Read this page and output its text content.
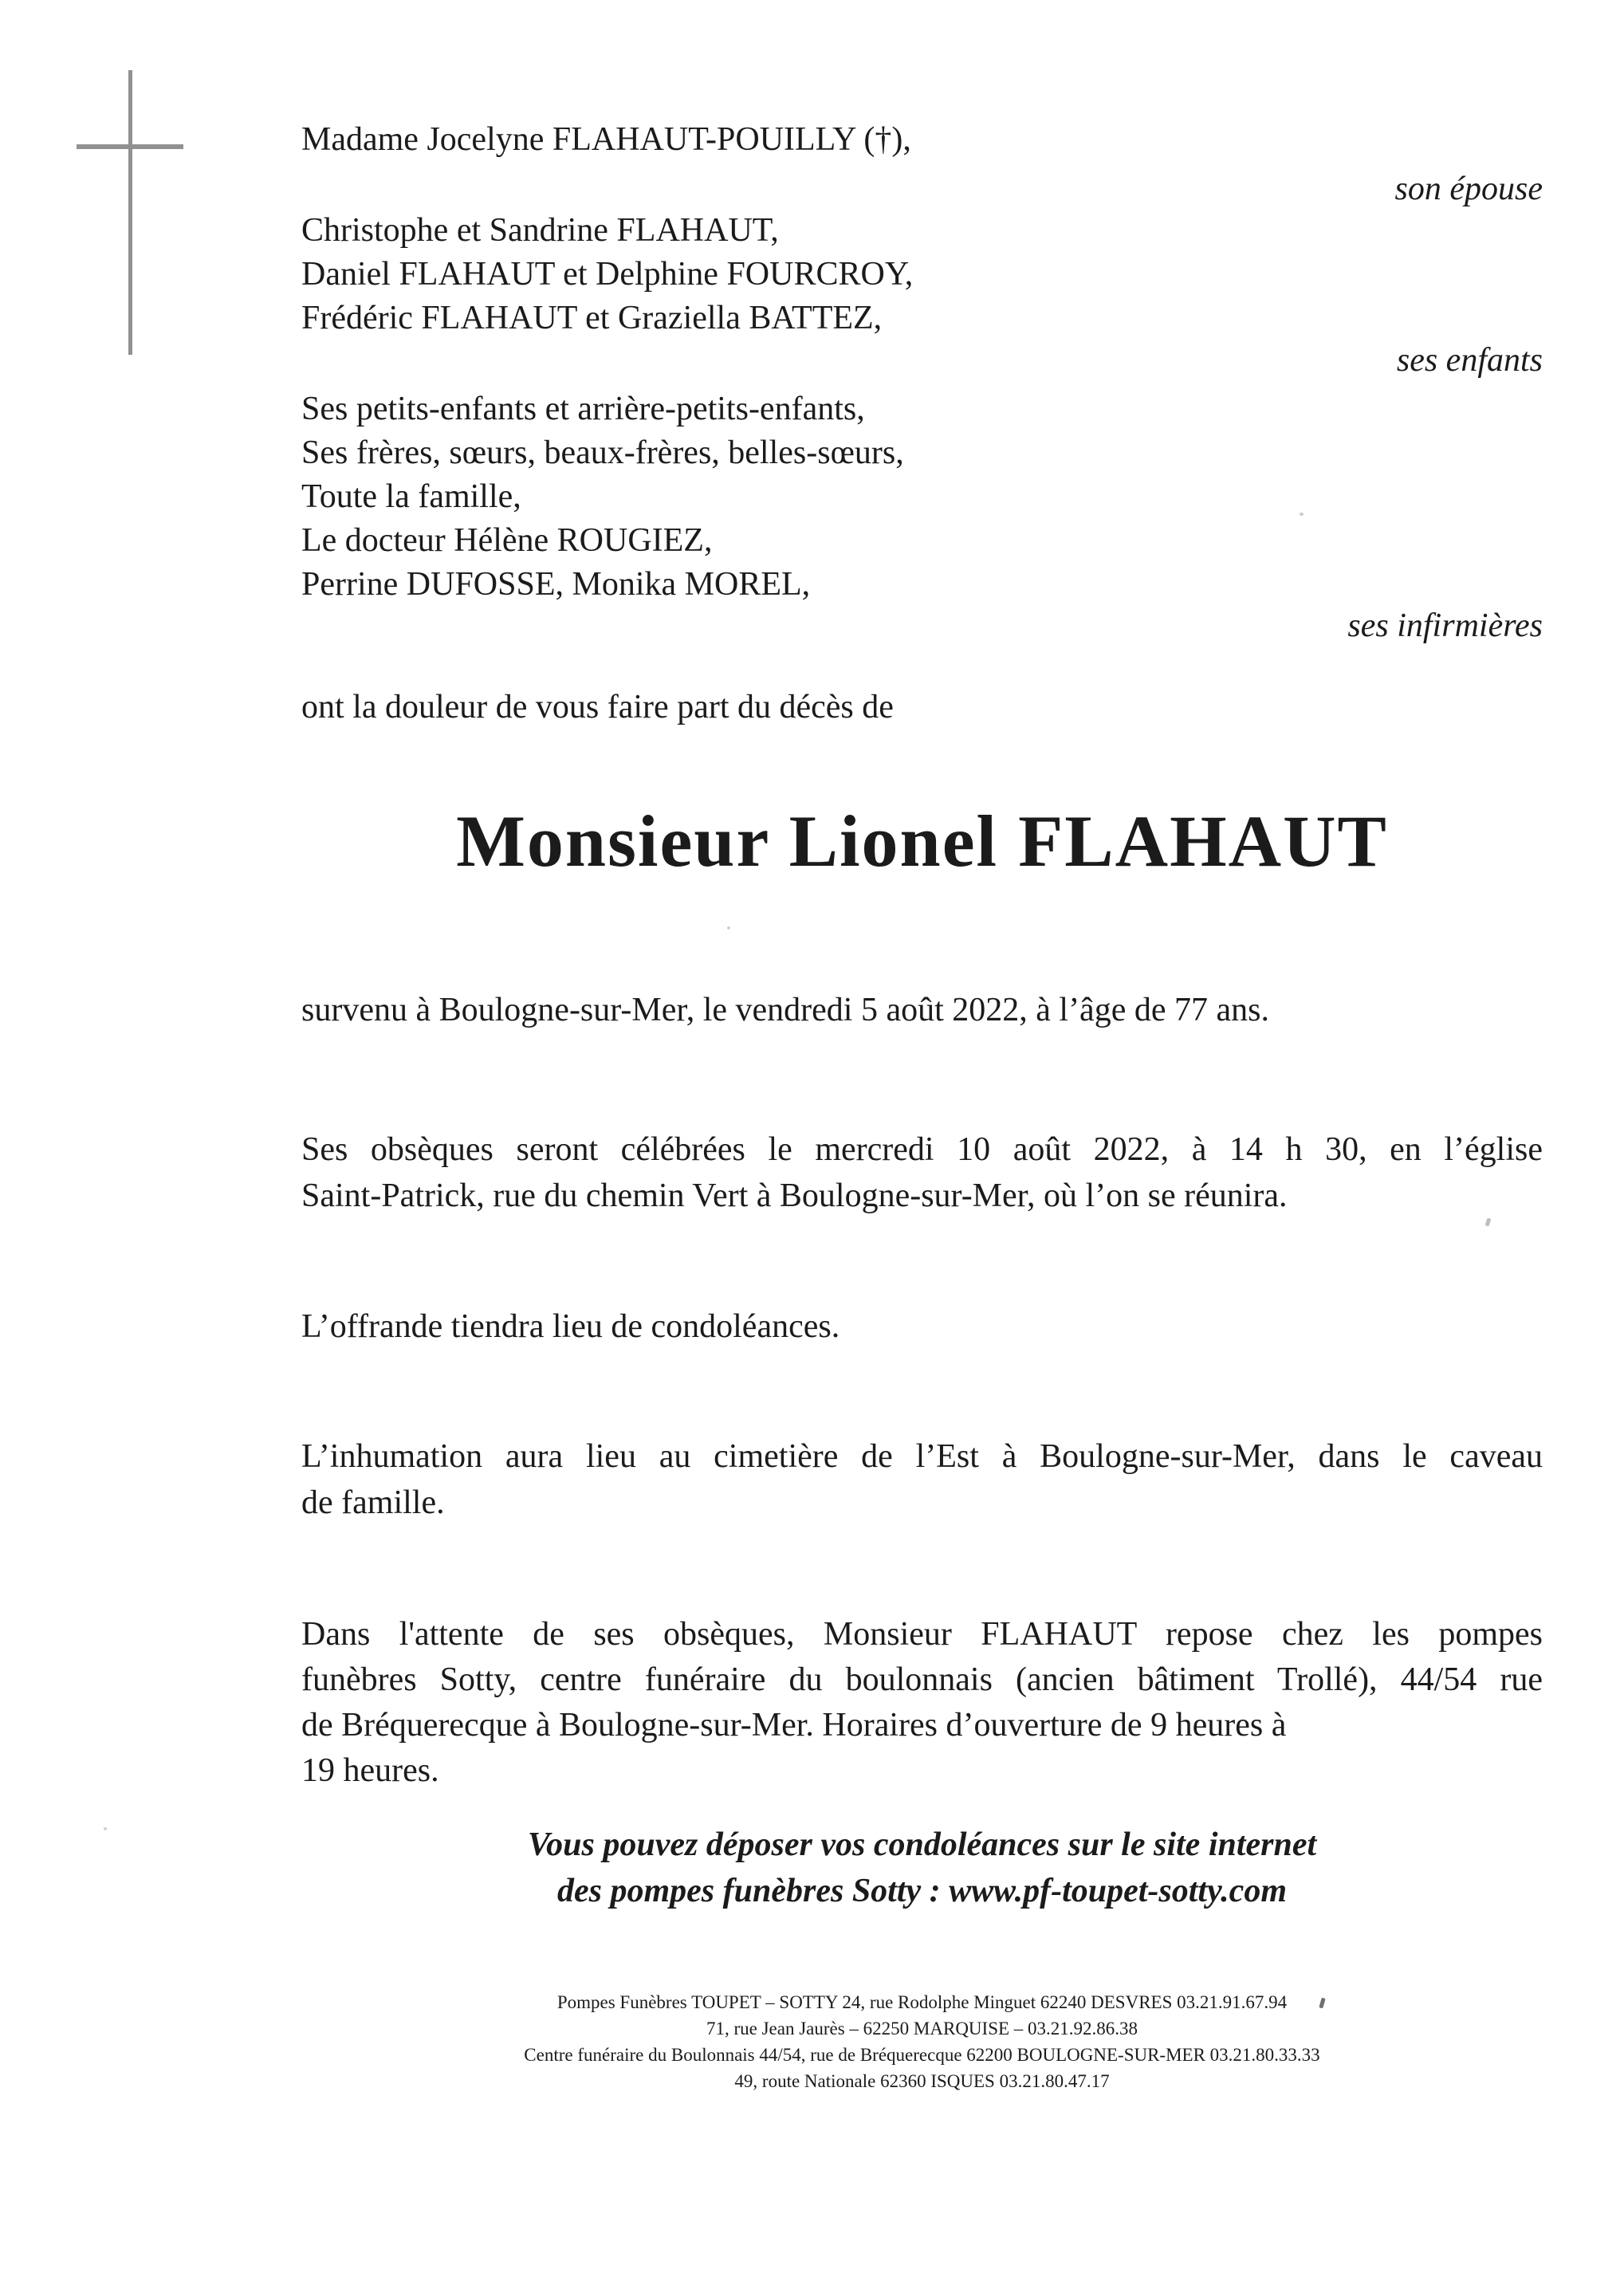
Madame Jocelyne FLAHAUT-POUILLY (†),
son épouse
Christophe et Sandrine FLAHAUT,
Daniel FLAHAUT et Delphine FOURCROY,
Frédéric FLAHAUT et Graziella BATTEZ,
ses enfants
Ses petits-enfants et arrière-petits-enfants,
Ses frères, sœurs, beaux-frères, belles-sœurs,
Toute la famille,
Le docteur Hélène ROUGIEZ,
Perrine DUFOSSE, Monika MOREL,
ses infirmières
ont la douleur de vous faire part du décès de
Monsieur Lionel FLAHAUT
survenu à Boulogne-sur-Mer, le vendredi 5 août 2022, à l’âge de 77 ans.
Ses obsèques seront célébrées le mercredi 10 août 2022, à 14 h 30, en l’église
Saint-Patrick, rue du chemin Vert à Boulogne-sur-Mer, où l’on se réunira.
L’offrande tiendra lieu de condoléances.
L’inhumation aura lieu au cimetière de l’Est à Boulogne-sur-Mer, dans le caveau
de famille.
Dans l'attente de ses obsèques, Monsieur FLAHAUT repose chez les pompes
funèbres Sotty, centre funéraire du boulonnais (ancien bâtiment Trollé), 44/54 rue
de Bréquerecque à Boulogne-sur-Mer. Horaires d’ouverture de 9 heures à
19 heures.
Vous pouvez déposer vos condoléances sur le site internet
des pompes funèbres Sotty : www.pf-toupet-sotty.com
Pompes Funèbres TOUPET – SOTTY 24, rue Rodolphe Minguet 62240 DESVRES 03.21.91.67.94
71, rue Jean Jaurès – 62250 MARQUISE – 03.21.92.86.38
Centre funéraire du Boulonnais 44/54, rue de Bréquerecque 62200 BOULOGNE-SUR-MER 03.21.80.33.33
49, route Nationale 62360 ISQUES 03.21.80.47.17
